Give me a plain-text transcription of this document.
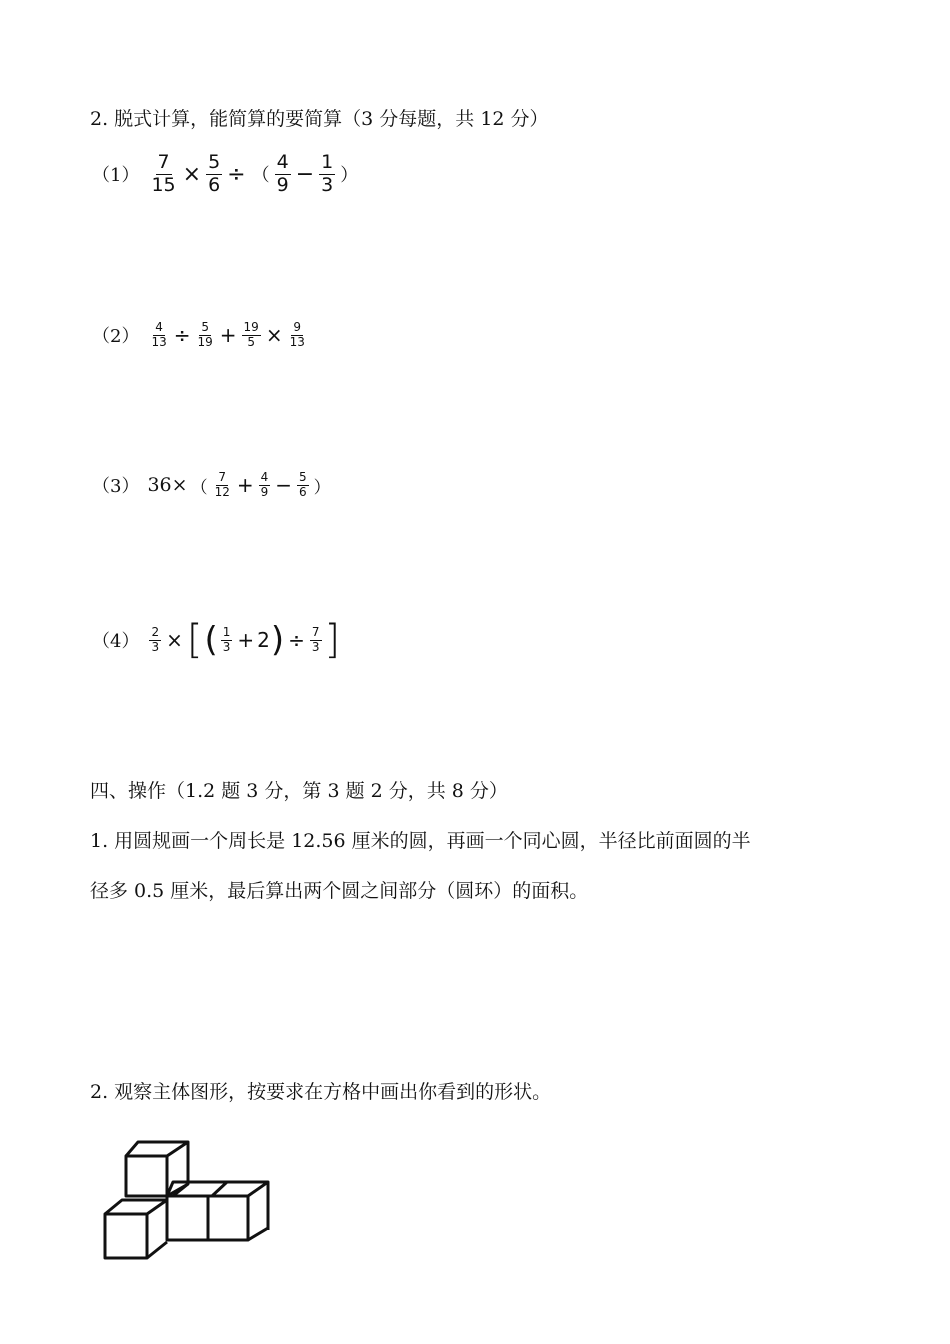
2. 脱式计算，能简算的要简算（3 分每题，共 12 分）
$(1) \frac{7}{15} \times \frac{5}{6}$ ÷ （ $\frac{4}{9} - \frac{1}{3}$ ）
$(2) \frac{4}{13} \div \frac{5}{19} + \frac{19}{5} \times \frac{9}{13}$
（3） 36× （ $\frac{7}{12} + \frac{4}{9} - \frac{5}{6}$ ）
$(4) \frac{2}{3}$ × [ ( $\frac{1}{3} + 2$ ) ÷ $\frac{7}{3}$ ]
四、操作（1.2 题 3 分，第 3 题 2 分，共 8 分）
1. 用圆规画一个周长是 12.56 厘米的圆，再画一个同心圆，半径比前面圆的半
径多 0.5 厘米，最后算出两个圆之间部分（圆环）的面积。
2. 观察主体图形，按要求在方格中画出你看到的形状。
